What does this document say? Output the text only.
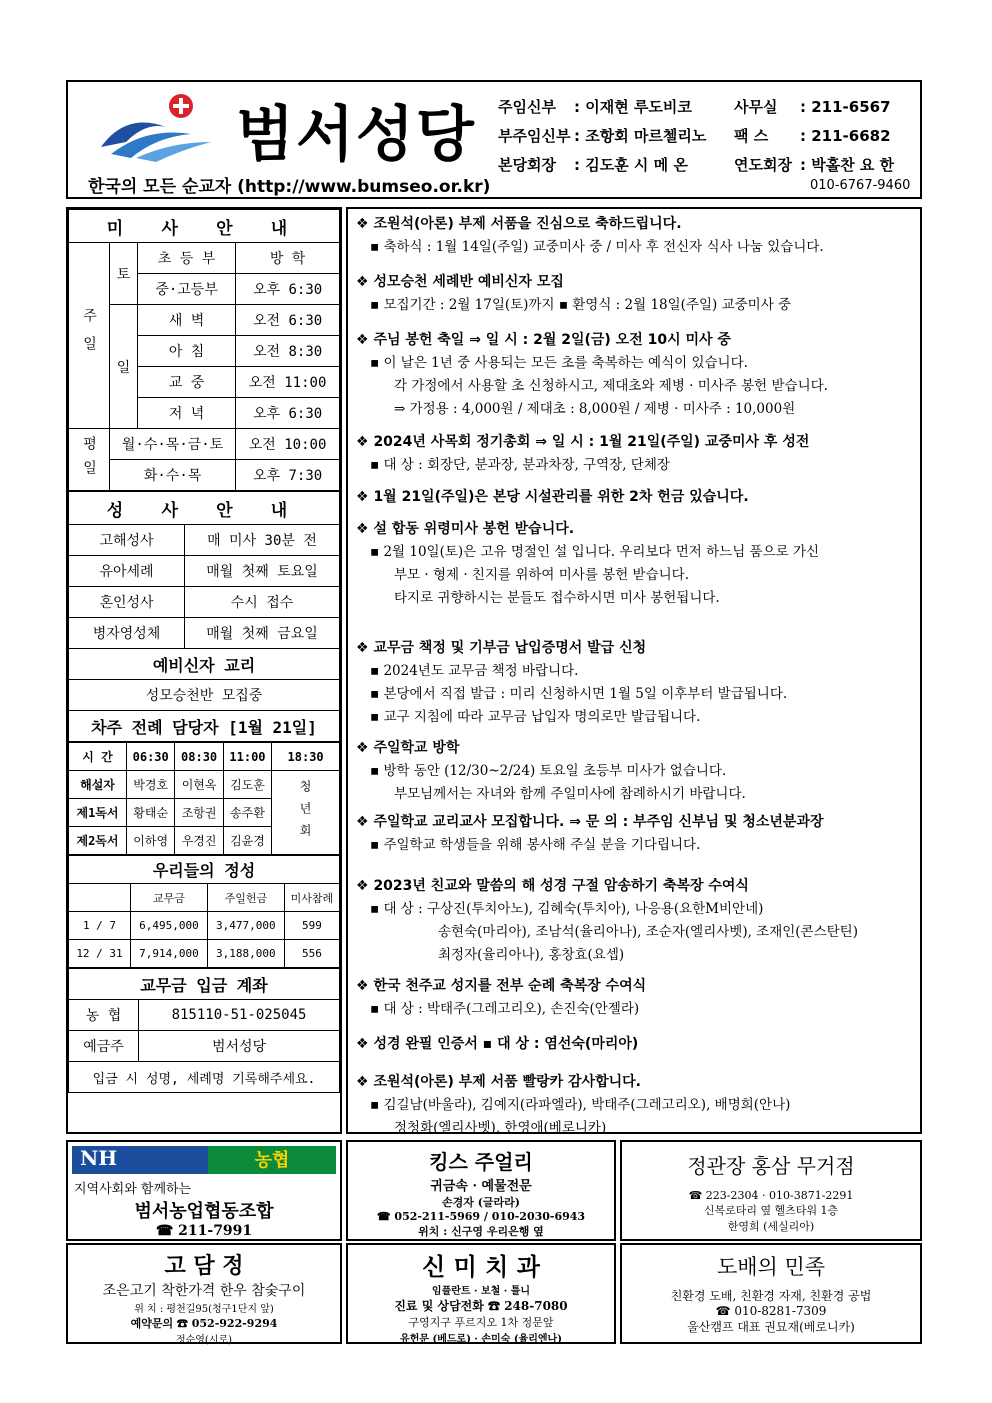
범서성당
한국의 모든 순교자 (http://www.bumseo.or.kr)
주임신부 : 이재현 루도비코	사무실 : 211-6567
부주임신부 : 조항회 마르첼리노 팩 스 : 211-6682
본당회장 : 김도훈 시 메 온	연도회장 : 박홀찬 요 한
010-6767-9460
미 사 안 내			
주일	토	초 등 부	방 학
		중·고등부	오후 6:30
	일	새 벽	오전 6:30
		아 침	오전 8:30
		교 중	오전 11:00
		저 녁	오후 6:30
평일	월·수·목·금·토		오전 10:00
	화·수·목		오후 7:30
성 사 안 내	
고해성사	매 미사 30분 전
유아세례	매월 첫째 토요일
혼인성사	수시 접수
병자영성체	매월 첫째 금요일
예비신자 교리	
성모승천반 모집중	
차주 전례 담당자 [1월 21일]	
시 간	06:30	08:30	11:00	18:30
해설자	박경호	이현옥	김도훈	청년회
제1독서	황태순	조항권	송주환	
제2독서	이하영	우경진	김윤경	
우리들의 정성			
	교무금	주일헌금	미사참례
1 / 7	6,495,000	3,477,000	599
12 / 31	7,914,000	3,188,000	556
교무금 입금 계좌	
농 협	815110-51-025045
예금주	범서성당
입금 시 성명, 세례명 기록해주세요.	
❖ 조원석(아론) 부제 서품을 진심으로 축하드립니다.

▪ 축하식 : 1월 14일(주일) 교중미사 중 / 미사 후 전신자 식사 나눔 있습니다.

❖ 성모승천 세례반 예비신자 모집

▪ 모집기간 : 2월 17일(토)까지 ▪ 환영식 : 2월 18일(주일) 교중미사 중

❖ 주님 봉헌 축일 ⇒ 일 시 : 2월 2일(금) 오전 10시 미사 중

▪ 이 날은 1년 중 사용되는 모든 초를 축복하는 예식이 있습니다.

각 가정에서 사용할 초 신청하시고, 제대초와 제병 · 미사주 봉헌 받습니다.

⇒ 가정용 : 4,000원 / 제대초 : 8,000원 / 제병 · 미사주 : 10,000원

❖ 2024년 사목회 정기총회 ⇒ 일 시 : 1월 21일(주일) 교중미사 후 성전

▪ 대 상 : 회장단, 분과장, 분과차장, 구역장, 단체장

❖ 1월 21일(주일)은 본당 시설관리를 위한 2차 헌금 있습니다.
❖ 설 합동 위령미사 봉헌 받습니다.

▪ 2월 10일(토)은 고유 명절인 설 입니다. 우리보다 먼저 하느님 품으로 가신

부모 · 형제 · 친지를 위하여 미사를 봉헌 받습니다.

타지로 귀향하시는 분들도 접수하시면 미사 봉헌됩니다.

❖ 교무금 책정 및 기부금 납입증명서 발급 신청

▪ 2024년도 교무금 책정 바랍니다.

▪ 본당에서 직접 발급 : 미리 신청하시면 1월 5일 이후부터 발급됩니다.

▪ 교구 지침에 따라 교무금 납입자 명의로만 발급됩니다.

❖ 주일학교 방학

▪ 방학 동안 (12/30~2/24) 토요일 초등부 미사가 없습니다.

부모님께서는 자녀와 함께 주일미사에 참례하시기 바랍니다.

❖ 주일학교 교리교사 모집합니다. ⇒ 문 의 : 부주임 신부님 및 청소년분과장

▪ 주일학교 학생들을 위해 봉사해 주실 분을 기다립니다.

❖ 2023년 친교와 말씀의 해 성경 구절 암송하기 축복장 수여식

▪ 대 상 : 구상진(투치아노), 김혜숙(투치아), 나응용(요한M비안네)

송현숙(마리아), 조남석(율리아나), 조순자(엘리사벳), 조재인(콘스탄틴)

최정자(율리아나), 홍창효(요셉)

❖ 한국 천주교 성지를 전부 순례 축복장 수여식

▪ 대 상 : 박태주(그레고리오), 손진숙(안젤라)

❖ 성경 완필 인증서 ▪ 대 상 : 염선숙(마리아)
❖ 조원석(아론) 부제 서품 빨랑카 감사합니다.

▪ 김길남(바울라), 김예지(라파엘라), 박태주(그레고리오), 배명희(안나)

정청화(엘리사벳), 한영애(베로니카)

NH	농협
지역사회와 함께하는
범서농업협동조합
☎ 211-7991
킹스 주얼리
귀금속 · 예물전문
손경자 (글라라)
☎ 052-211-5969 / 010-2030-6943
위치 : 신구영 우리은행 옆
정관장 홍삼 무거점
☎ 223-2304 · 010-3871-2291
신복로타리 옆 헬츠타워 1층
한영희 (세실리아)
고 담 정
조은고기 착한가격 한우 참숯구이
위 치 : 평천길95(청구1단지 앞)
예약문의 ☎ 052-922-9294
정순영(시로)
신 미 치 과
임플란트 · 보철 · 틀니
진료 및 상담전화 ☎ 248-7080
구영지구 푸르지오 1차 정문앞
유헌문 (베드로) · 손미숙 (율리엔나)
도배의 민족
친환경 도배, 친환경 자재, 친환경 공법
☎ 010-8281-7309
울산캠프 대표 권묘재(베로니카)
